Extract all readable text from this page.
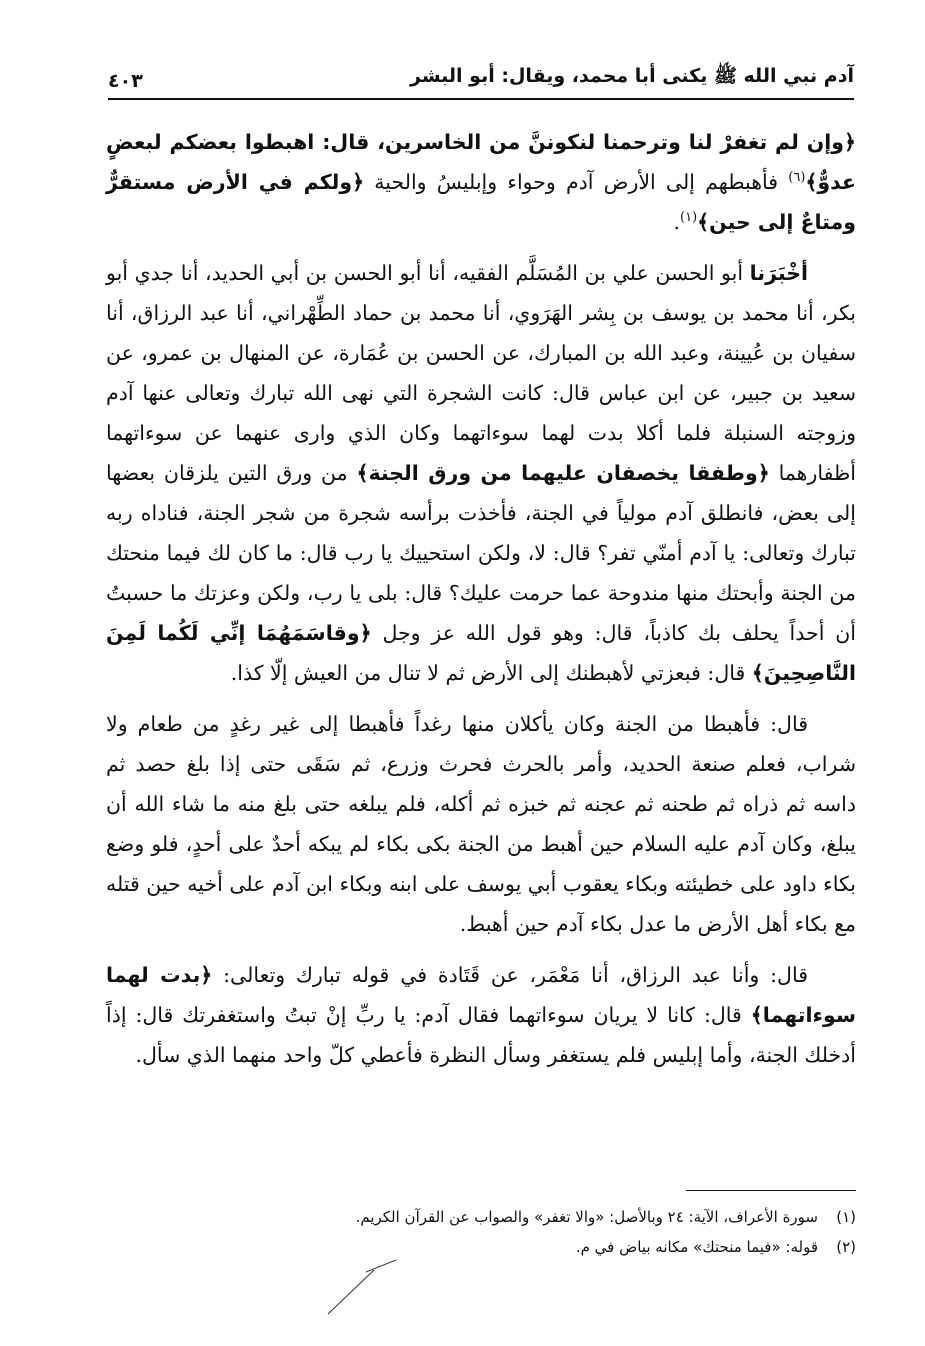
آدم نبي الله ﷺ يكنى أبا محمد، ويقال: أبو البشر
٤٠٣

﴿وإن لم تغفرْ لنا وترحمنا لنكوننَّ من الخاسرين، قال: اهبطوا بعضكم لبعضٍ عدوٌّ﴾$^{(٦)}$ فأهبطهم إلى الأرض آدم وحواء وإبليسُ والحية ﴿ولكم في الأرض مستقرٌّ ومتاعٌ إلى حين﴾$^{(١)}$.

أخْبَرَنا أبو الحسن علي بن المُسَلَّم الفقيه، أنا أبو الحسن بن أبي الحديد، أنا جدي أبو بكر، أنا محمد بن يوسف بن بِشر الهَرَوي، أنا محمد بن حماد الطِّهْراني، أنا عبد الرزاق، أنا سفيان بن عُيينة، وعبد الله بن المبارك، عن الحسن بن عُمَارة، عن المنهال بن عمرو، عن سعيد بن جبير، عن ابن عباس قال: كانت الشجرة التي نهى الله تبارك وتعالى عنها آدم وزوجته السنبلة فلما أكلا بدت لهما سوءاتهما وكان الذي وارى عنهما عن سوءاتهما أظفارهما ﴿وطفقا يخصفان عليهما من ورق الجنة﴾ من ورق التين يلزقان بعضها إلى بعض، فانطلق آدم مولياً في الجنة، فأخذت برأسه شجرة من شجر الجنة، فناداه ربه تبارك وتعالى: يا آدم أمنّي تفر؟ قال: لا، ولكن استحييك يا رب قال: ما كان لك فيما منحتك من الجنة وأبحتك منها مندوحة عما حرمت عليك؟ قال: بلى يا رب، ولكن وعزتك ما حسبتُ أن أحداً يحلف بك كاذباً، قال: وهو قول الله عز وجل ﴿وقاسَمَهُمَا إنِّي لَكُما لَمِنَ النَّاصِحِينَ﴾ قال: فبعزتي لأهبطنك إلى الأرض ثم لا تنال من العيش إلّا كذا.

قال: فأهبطا من الجنة وكان يأكلان منها رغداً فأهبطا إلى غير رغدٍ من طعام ولا شراب، فعلم صنعة الحديد، وأمر بالحرث فحرث وزرع، ثم سَقَى حتى إذا بلغ حصد ثم داسه ثم ذراه ثم طحنه ثم عجنه ثم خبزه ثم أكله، فلم يبلغه حتى بلغ منه ما شاء الله أن يبلغ، وكان آدم عليه السلام حين أهبط من الجنة بكى بكاء لم يبكه أحدٌ على أحدٍ، فلو وضع بكاء داود على خطيئته وبكاء يعقوب أبي يوسف على ابنه وبكاء ابن آدم على أخيه حين قتله مع بكاء أهل الأرض ما عدل بكاء آدم حين أهبط.

قال: وأنا عبد الرزاق، أنا مَعْمَر، عن قَتَادة في قوله تبارك وتعالى: ﴿بدت لهما سوءاتهما﴾ قال: كانا لا يريان سوءاتهما فقال آدم: يا ربِّ إنْ تبتُ واستغفرتك قال: إذاً أدخلك الجنة، وأما إبليس فلم يستغفر وسأل النظرة فأعطي كلّ واحد منهما الذي سأل.

(١)
سورة الأعراف، الآية: ٢٤ وبالأصل: «والا تغفر» والصواب عن القرآن الكريم.
(٢)
قوله: «فيما منحتك» مكانه بياض في م.
